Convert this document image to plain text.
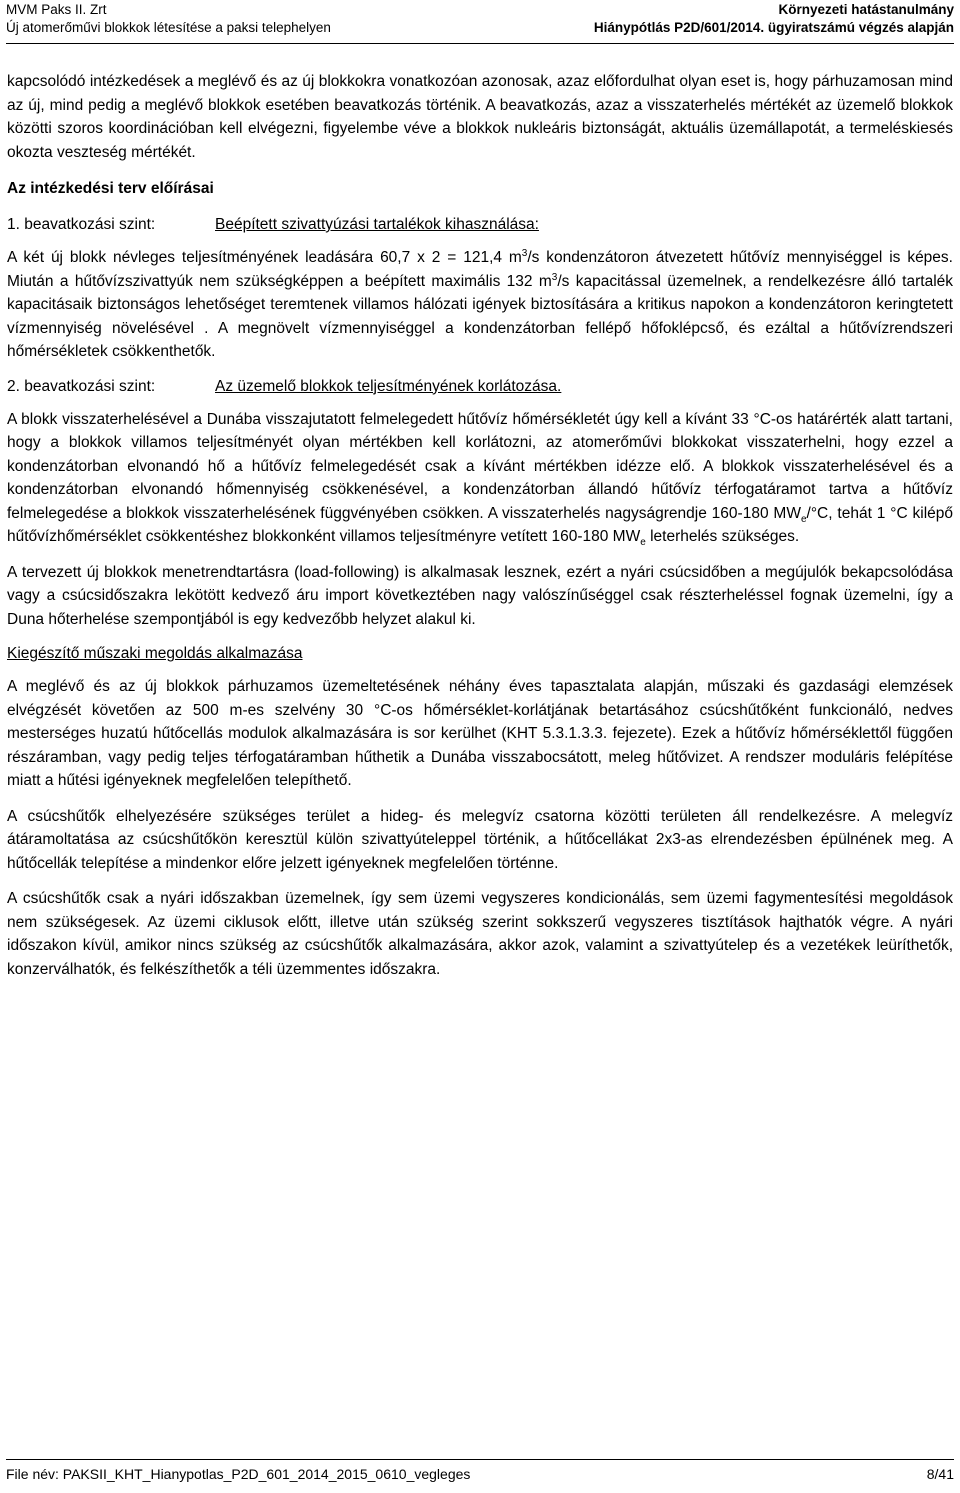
MVM Paks II. Zrt
Új atomerőművi blokkok létesítése a paksi telephelyen
Környezeti hatástanulmány
Hiánypótlás P2D/601/2014. ügyiratszámú végzés alapján

kapcsolódó intézkedések a meglévő és az új blokkokra vonatkozóan azonosak, azaz előfordulhat olyan eset is, hogy párhuzamosan mind az új, mind pedig a meglévő blokkok esetében beavatkozás történik. A beavatkozás, azaz a visszaterhelés mértékét az üzemelő blokkok közötti szoros koordinációban kell elvégezni, figyelembe véve a blokkok nukleáris biztonságát, aktuális üzemállapotát, a termeléskiesés okozta veszteség mértékét.

Az intézkedési terv előírásai
1. beavatkozási szint:	Beépített szivattyúzási tartalékok kihasználása:

A két új blokk névleges teljesítményének leadására 60,7 x 2 = 121,4 $m^3/s$ kondenzátoron átvezetett hűtővíz mennyiséggel is képes. Miután a hűtővízszivattyúk nem szükségképpen a beépített maximális 132 $m^3/s$ kapacitással üzemelnek, a rendelkezésre álló tartalék kapacitásaik biztonságos lehetőséget teremtenek villamos hálózati igények biztosítására a kritikus napokon a kondenzátoron keringtetett vízmennyiség növelésével . A megnövelt vízmennyiséggel a kondenzátorban fellépő hőfoklépcső, és ezáltal a hűtővízrendszeri hőmérsékletek csökkenthetők.

2. beavatkozási szint:	Az üzemelő blokkok teljesítményének korlátozása.

A blokk visszaterhelésével a Dunába visszajutatott felmelegedett hűtővíz hőmérsékletét úgy kell a kívánt 33 °C-os határérték alatt tartani, hogy a blokkok villamos teljesítményét olyan mértékben kell korlátozni, az atomerőművi blokkokat visszaterhelni, hogy ezzel a kondenzátorban elvonandó hő a hűtővíz felmelegedését csak a kívánt mértékben idézze elő. A blokkok visszaterhelésével és a kondenzátorban elvonandó hőmennyiség csökkenésével, a kondenzátorban állandó hűtővíz térfogatáramot tartva a hűtővíz felmelegedése a blokkok visszaterhelésének függvényében csökken. A visszaterhelés nagyságrendje 160-180 $MW_e/^\circ C$, tehát 1 °C kilépő hűtővízhőmérséklet csökkentéshez blokkonként villamos teljesítményre vetített 160-180 $MW_e$ leterhelés szükséges.

A tervezett új blokkok menetrendtartásra (load-following) is alkalmasak lesznek, ezért a nyári csúcsidőben a megújulók bekapcsolódása vagy a csúcsidőszakra lekötött kedvező áru import következtében nagy valószínűséggel csak részterheléssel fognak üzemelni, így a Duna hőterhelése szempontjából is egy kedvezőbb helyzet alakul ki.

Kiegészítő műszaki megoldás alkalmazása

A meglévő és az új blokkok párhuzamos üzemeltetésének néhány éves tapasztalata alapján, műszaki és gazdasági elemzések elvégzését követően az 500 m-es szelvény 30 °C-os hőmérséklet-korlátjának betartásához csúcshűtőként funkcionáló, nedves mesterséges huzatú hűtőcellás modulok alkalmazására is sor kerülhet (KHT 5.3.1.3.3. fejezete). Ezek a hűtővíz hőmérséklettől függően részáramban, vagy pedig teljes térfogatáramban hűthetik a Dunába visszabocsátott, meleg hűtővizet. A rendszer moduláris felépítése miatt a hűtési igényeknek megfelelően telepíthető.

A csúcshűtők elhelyezésére szükséges terület a hideg- és melegvíz csatorna közötti területen áll rendelkezésre. A melegvíz átáramoltatása az csúcshűtőkön keresztül külön szivattyúteleppel történik, a hűtőcellákat 2x3-as elrendezésben épülnének meg. A hűtőcellák telepítése a mindenkor előre jelzett igényeknek megfelelően történne.

A csúcshűtők csak a nyári időszakban üzemelnek, így sem üzemi vegyszeres kondicionálás, sem üzemi fagymentesítési megoldások nem szükségesek. Az üzemi ciklusok előtt, illetve után szükség szerint sokkszerű vegyszeres tisztítások hajthatók végre. A nyári időszakon kívül, amikor nincs szükség az csúcshűtők alkalmazására, akkor azok, valamint a szivattyútelep és a vezetékek leüríthetők, konzerválhatók, és felkészíthetők a téli üzemmentes időszakra.

File név: PAKSII_KHT_Hianypotlas_P2D_601_2014_2015_0610_vegleges	8/41
